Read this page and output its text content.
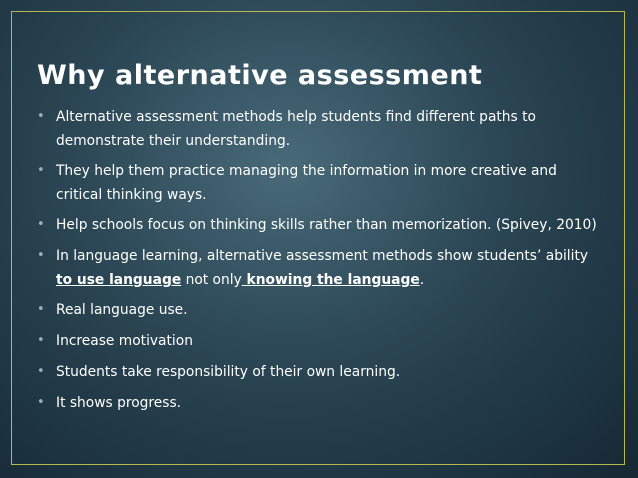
Why alternative assessment
• Alternative assessment methods help students find different paths to demonstrate their understanding.
• They help them practice managing the information in more creative and critical thinking ways.
• Help schools focus on thinking skills rather than memorization. (Spivey, 2010)
• In language learning, alternative assessment methods show students’ ability
to use language not only knowing the language.
• Real language use.
• Increase motivation
• Students take responsibility of their own learning.
• It shows progress.
